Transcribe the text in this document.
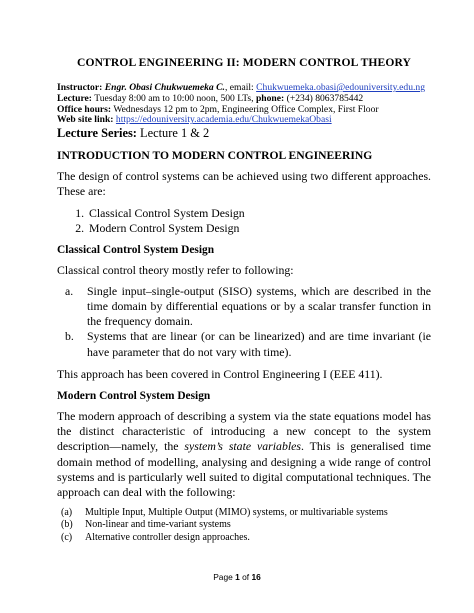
CONTROL ENGINEERING II: MODERN CONTROL THEORY
Instructor: Engr. Obasi Chukwuemeka C., email: Chukwuemeka.obasi@edouniversity.edu.ng
Lecture: Tuesday 8:00 am to 10:00 noon, 500 LTs, phone: (+234) 8063785442
Office hours: Wednesdays 12 pm to 2pm, Engineering Office Complex, First Floor
Web site link: https://edouniversity.academia.edu/ChukwuemekaObasi
Lecture Series: Lecture 1 & 2
INTRODUCTION TO MODERN CONTROL ENGINEERING
The design of control systems can be achieved using two different approaches. These are:
1. Classical Control System Design
2. Modern Control System Design
Classical Control System Design
Classical control theory mostly refer to following:
a.	Single input–single-output (SISO) systems, which are described in the time domain by differential equations or by a scalar transfer function in the frequency domain.
b.	Systems that are linear (or can be linearized) and are time invariant (ie have parameter that do not vary with time).
This approach has been covered in Control Engineering I (EEE 411).
Modern Control System Design
The modern approach of describing a system via the state equations model has the distinct characteristic of introducing a new concept to the system description—namely, the system’s state variables. This is generalised time domain method of modelling, analysing and designing a wide range of control systems and is particularly well suited to digital computational techniques. The approach can deal with the following:
(a)	Multiple Input, Multiple Output (MIMO) systems, or multivariable systems
(b)	Non-linear and time-variant systems
(c)	Alternative controller design approaches.
Page 1 of 16
